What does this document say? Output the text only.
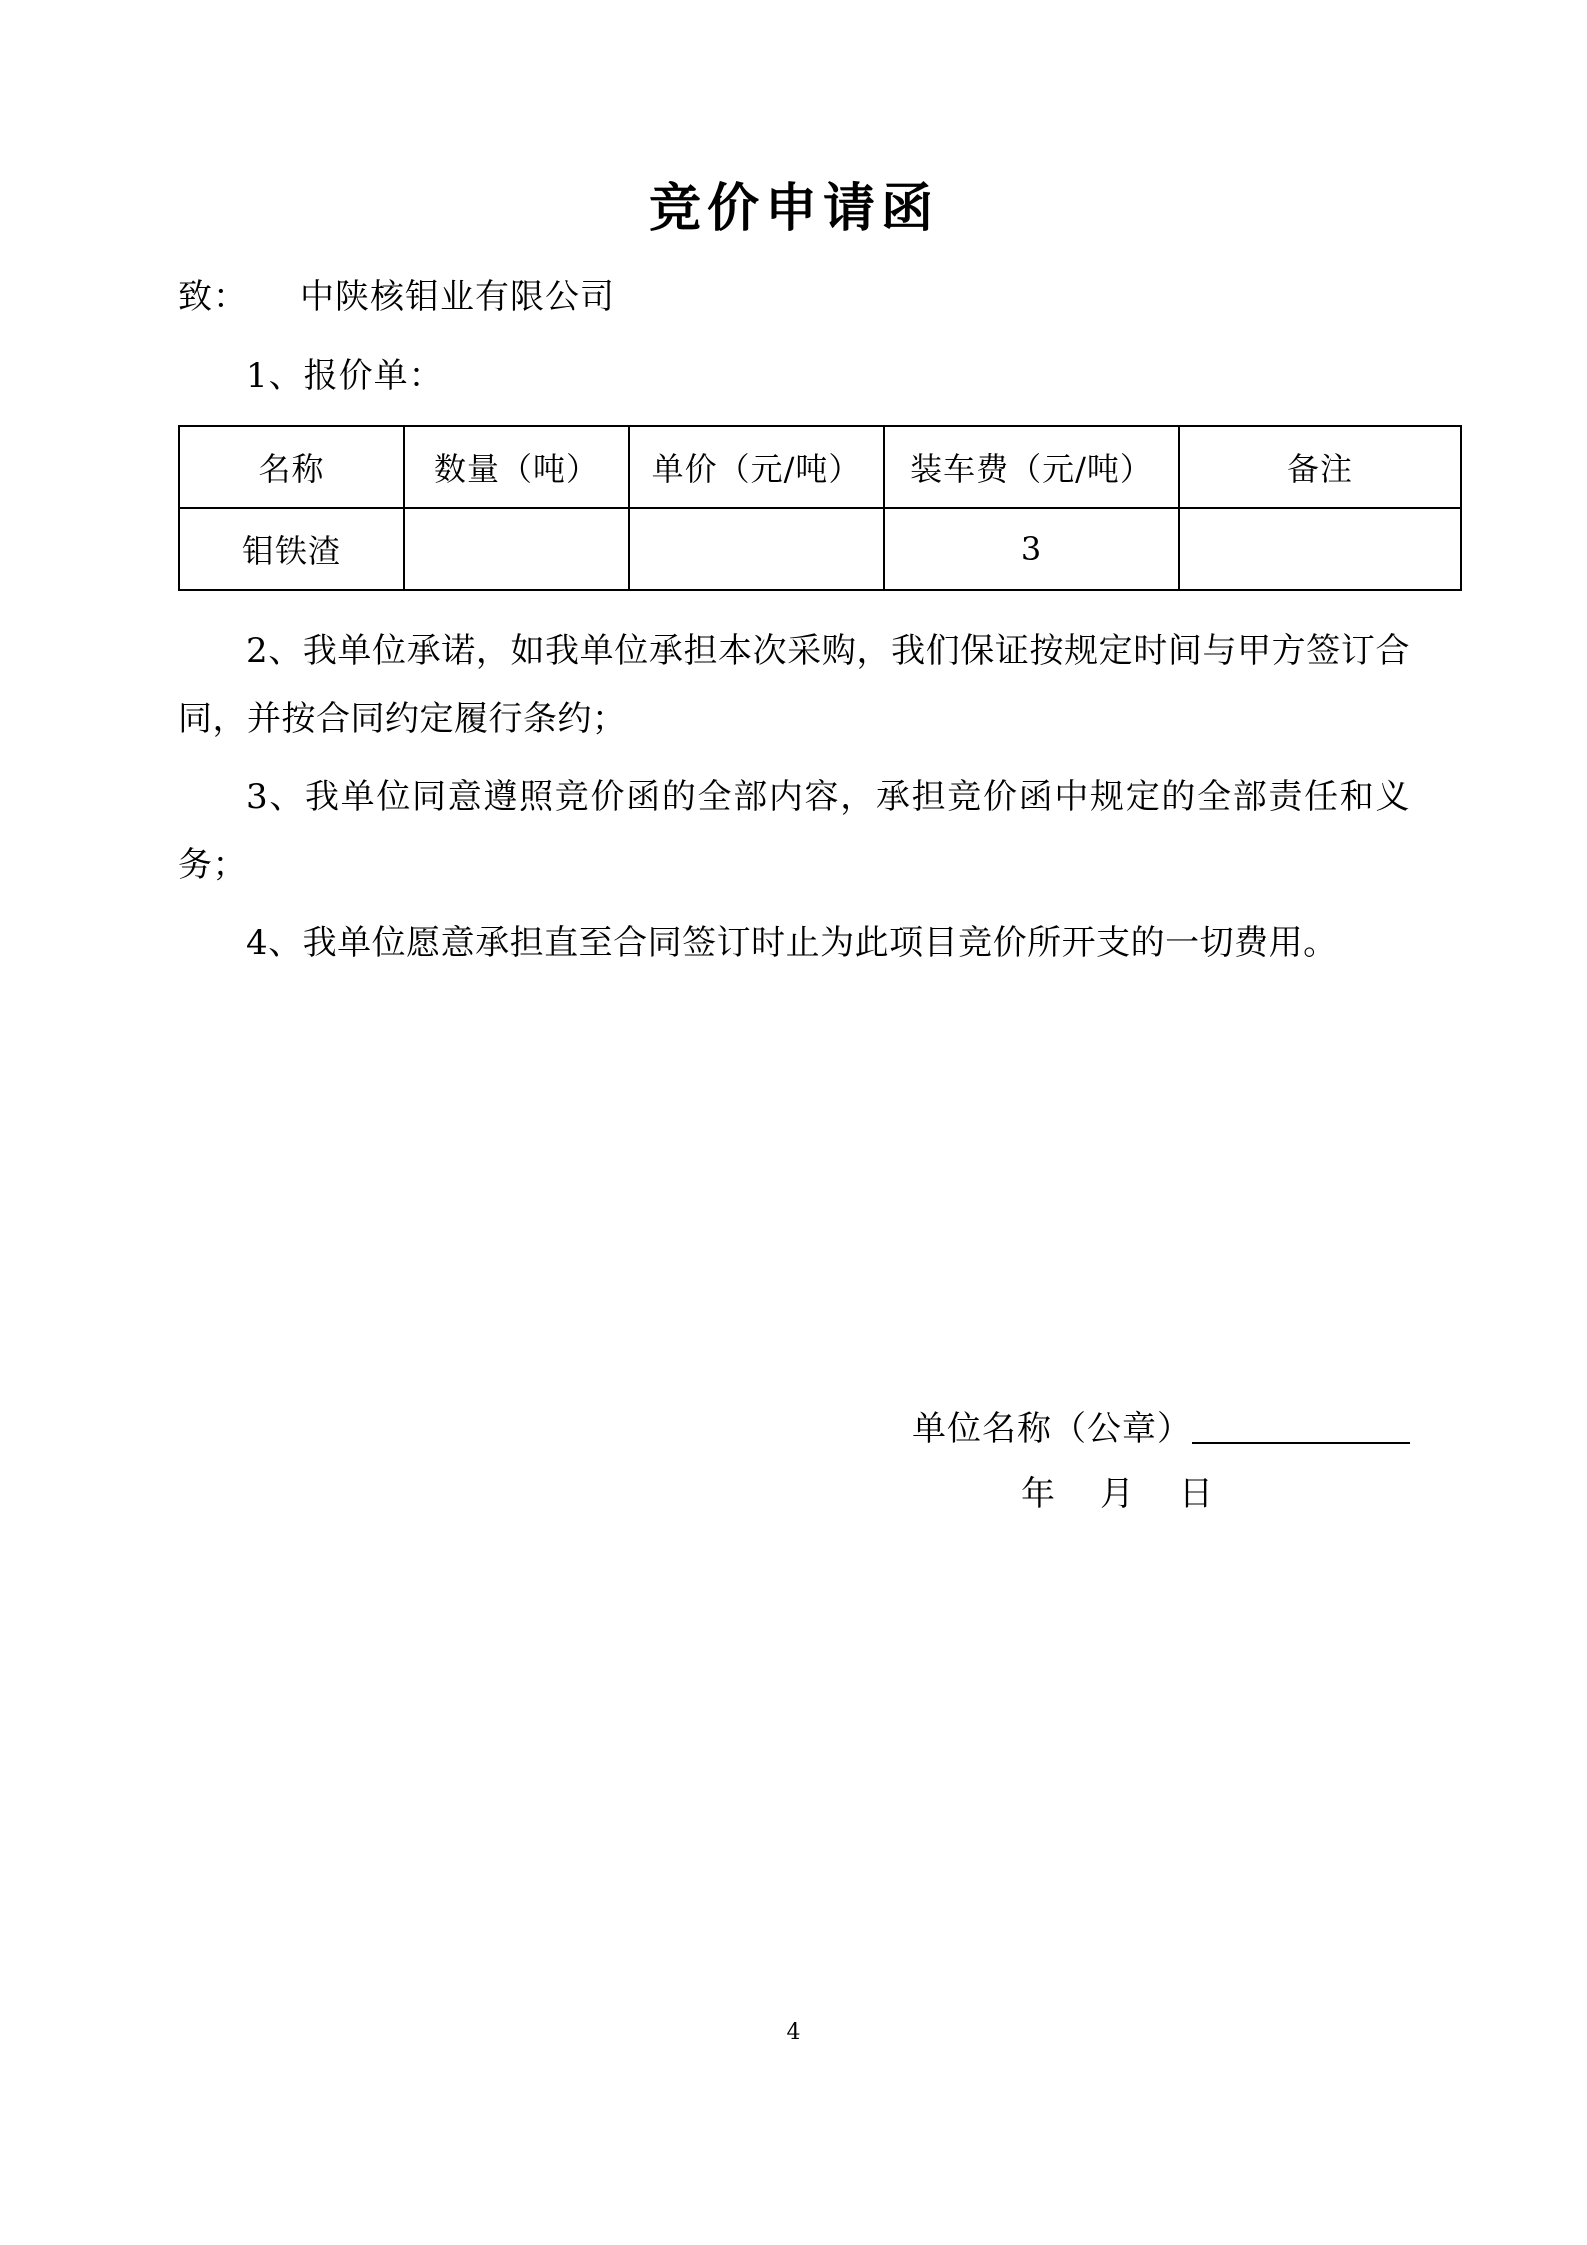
竞价申请函
致： 中陕核钼业有限公司
1、报价单：
名称	数量（吨）	单价（元/吨）	装车费（元/吨）	备注
钼铁渣			3	
2、我单位承诺，如我单位承担本次采购，我们保证按规定时间与甲方签订合同，并按合同约定履行条约；
3、我单位同意遵照竞价函的全部内容，承担竞价函中规定的全部责任和义务；
4、我单位愿意承担直至合同签订时止为此项目竞价所开支的一切费用。
单位名称（公章）
年 月 日
4
